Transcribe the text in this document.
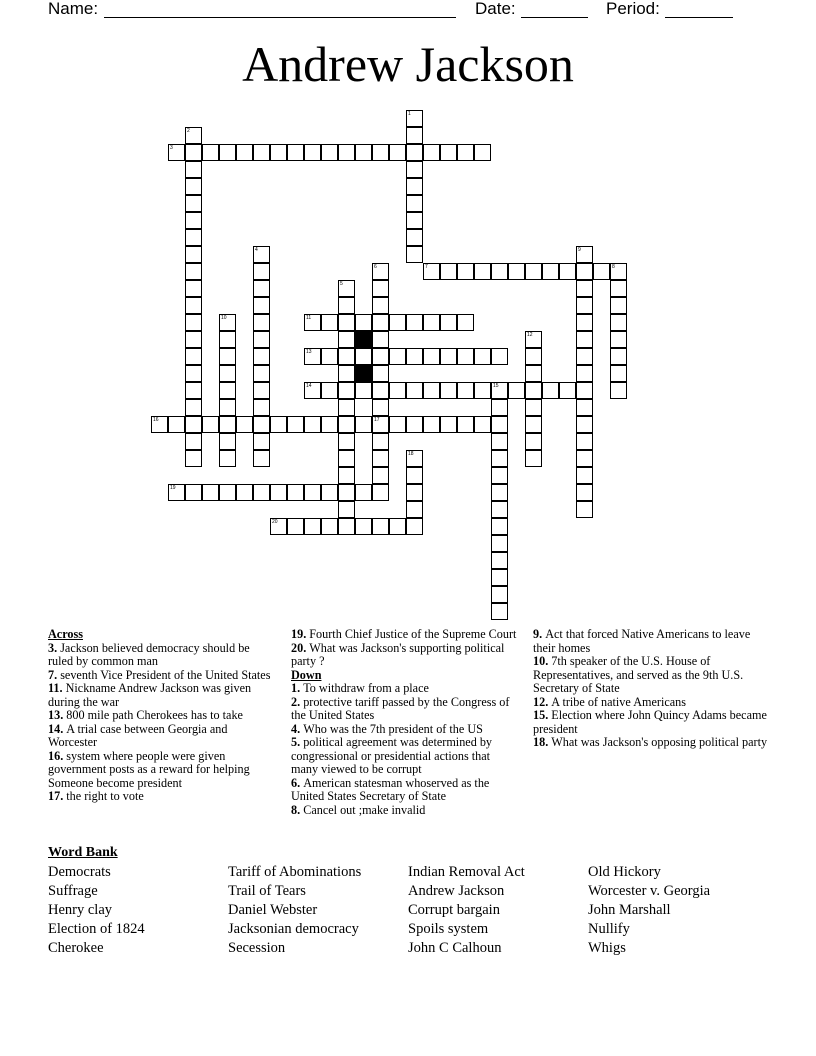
Name:	Date:	Period:
Andrew Jackson
3
7
11
13
14	15
16	17
19
20
1
2
4
5
6	8
9
10
12
18
Across
3. Jackson believed democracy should be ruled by common man
7. seventh Vice President of the United States
11. Nickname Andrew Jackson was given during the war
13. 800 mile path Cherokees has to take
14. A trial case between Georgia and Worcester
16. system where people were given government posts as a reward for helping Someone become president
17. the right to vote
19. Fourth Chief Justice of the Supreme Court
20. What was Jackson's supporting political party ?
Down
1. To withdraw from a place
2. protective tariff passed by the Congress of the United States
4. Who was the 7th president of the US
5. political agreement was determined by congressional or presidential actions that many viewed to be corrupt
6. American statesman whoserved as the United States Secretary of State
8. Cancel out ;make invalid
9. Act that forced Native Americans to leave their homes
10. 7th speaker of the U.S. House of Representatives, and served as the 9th U.S. Secretary of State
12. A tribe of native Americans
15. Election where John Quincy Adams became president
18. What was Jackson's opposing political party
Word Bank
Democrats
Suffrage
Henry clay
Election of 1824
Cherokee
Tariff of Abominations
Trail of Tears
Daniel Webster
Jacksonian democracy
Secession
Indian Removal Act
Andrew Jackson
Corrupt bargain
Spoils system
John C Calhoun
Old Hickory
Worcester v. Georgia
John Marshall
Nullify
Whigs
